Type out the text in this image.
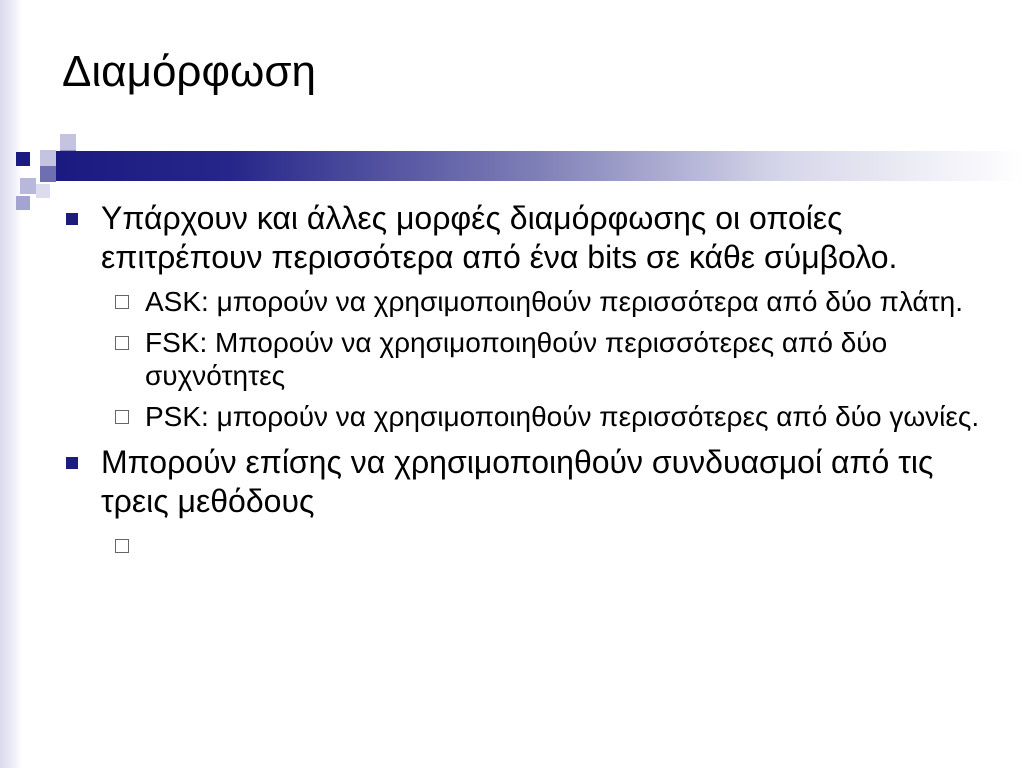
Διαμόρφωση
Υπάρχουν και άλλες μορφές διαμόρφωσης οι οποίες επιτρέπουν περισσότερα από ένα bits σε κάθε σύμβολο.
ASK: μπορούν να χρησιμοποιηθούν περισσότερα από δύο πλάτη.
FSK: Μπορούν να χρησιμοποιηθούν περισσότερες από δύο συχνότητες
PSK: μπορούν να χρησιμοποιηθούν περισσότερες από δύο γωνίες.
Μπορούν επίσης να χρησιμοποιηθούν συνδυασμοί από τις τρεις μεθόδους
